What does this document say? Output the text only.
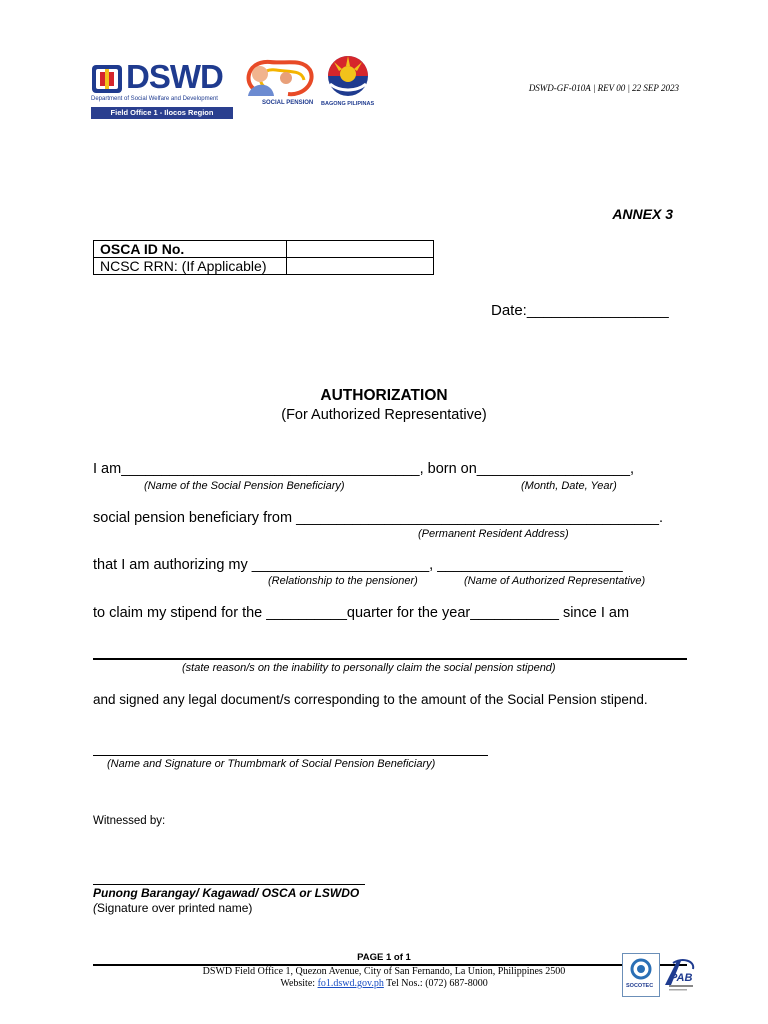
DSWD
Department of Social Welfare and Development
Field Office 1 - Ilocos Region
SOCIAL PENSION BAGONG PILIPINAS
DSWD-GF-010A | REV 00 | 22 SEP 2023
ANNEX 3
OSCA ID No.	
NCSC RRN: (If Applicable)	
Date:_________________
AUTHORIZATION
(For Authorized Representative)
I am_____________________________________, born on___________________,
(Name of the Social Pension Beneficiary)	(Month, Date, Year)
social pension beneficiary from _____________________________________________.
(Permanent Resident Address)
that I am authorizing my ______________________, _______________________
(Relationship to the pensioner)	(Name of Authorized Representative)
to claim my stipend for the __________quarter for the year___________ since I am
(state reason/s on the inability to personally claim the social pension stipend)
and signed any legal document/s corresponding to the amount of the Social Pension stipend.
(Name and Signature or Thumbmark of Social Pension Beneficiary)
Witnessed by:
Punong Barangay/ Kagawad/ OSCA or LSWDO
(Signature over printed name)
PAGE 1 of 1
DSWD Field Office 1, Quezon Avenue, City of San Fernando, La Union, Philippines 2500
Website: fo1.dswd.gov.ph Tel Nos.: (072) 687-8000	SOCOTEC
PAB
